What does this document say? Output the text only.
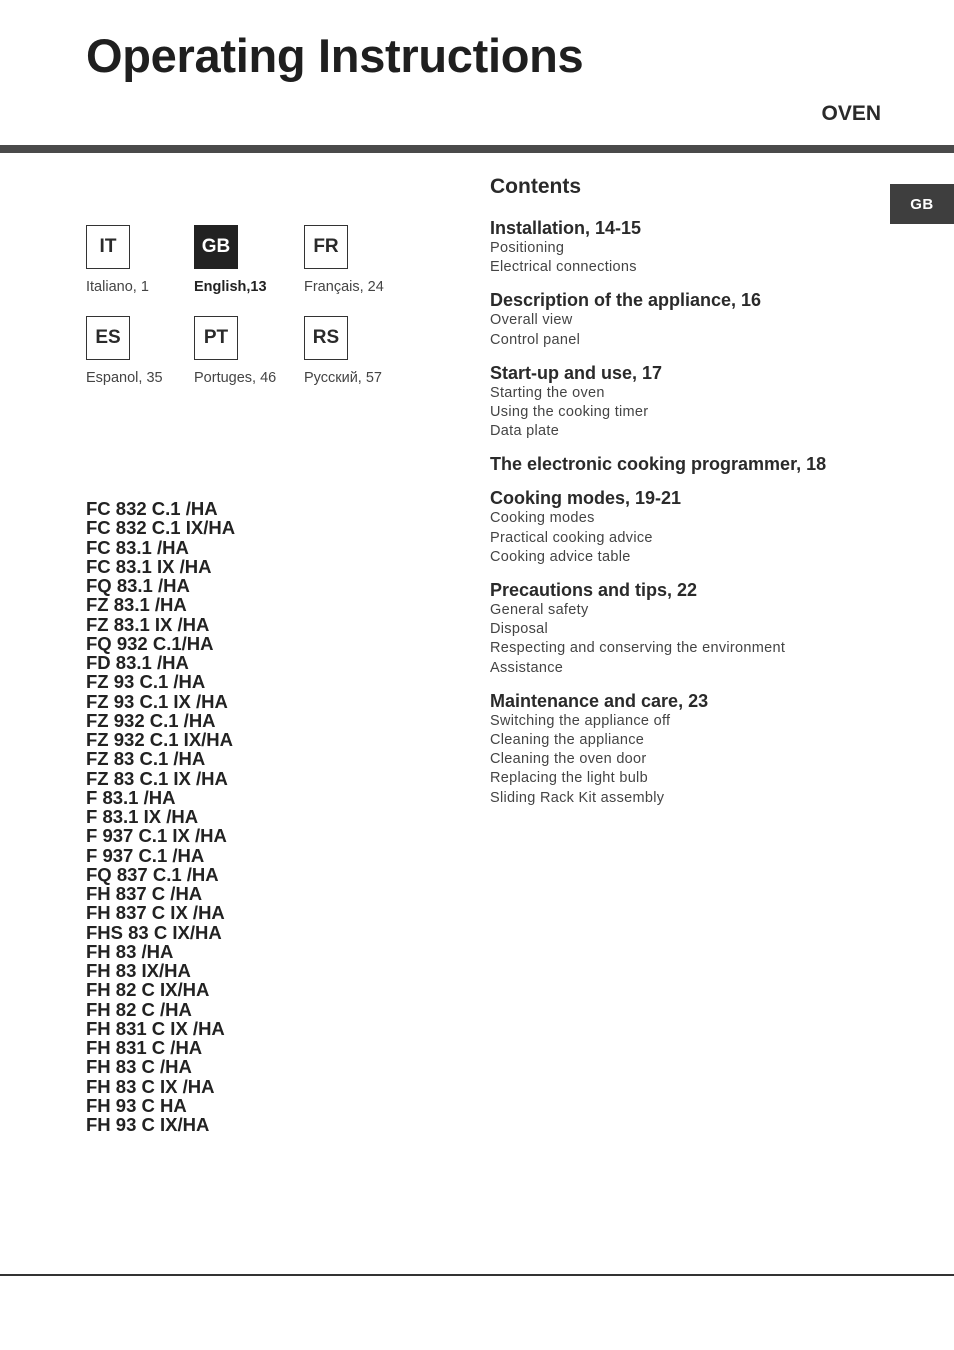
Operating Instructions
OVEN
GB
IT
Italiano, 1
GB
English,13
FR
Français, 24
ES
Espanol, 35
PT
Portuges, 46
RS
Русский, 57
FC 832 C.1 /HA
FC 832 C.1 IX/HA
FC 83.1 /HA
FC 83.1 IX /HA
FQ 83.1 /HA
FZ 83.1 /HA
FZ 83.1 IX /HA
FQ 932 C.1/HA
FD 83.1 /HA
FZ 93 C.1 /HA
FZ 93 C.1 IX /HA
FZ 932 C.1 /HA
FZ 932 C.1 IX/HA
FZ 83 C.1 /HA
FZ 83 C.1 IX /HA
F 83.1 /HA
F 83.1 IX /HA
F 937 C.1 IX /HA
F 937 C.1 /HA
FQ 837 C.1 /HA
FH 837 C /HA
FH 837 C IX /HA
FHS 83 C IX/HA
FH 83 /HA
FH 83 IX/HA
FH 82 C IX/HA
FH 82 C /HA
FH 831 C IX /HA
FH 831 C /HA
FH 83 C /HA
FH 83 C IX /HA
FH 93 C HA
FH 93 C IX/HA
Contents
Installation, 14-15
Positioning
Electrical connections
Description of the appliance, 16
Overall view
Control panel
Start-up and use, 17
Starting the oven
Using the cooking timer
Data plate
The electronic cooking programmer, 18
Cooking modes, 19-21
Cooking modes
Practical cooking advice
Cooking advice table
Precautions and tips, 22
General safety
Disposal
Respecting and conserving the environment
Assistance
Maintenance and care, 23
Switching the appliance off
Cleaning the appliance
Cleaning the oven door
Replacing the light bulb
Sliding Rack Kit assembly
